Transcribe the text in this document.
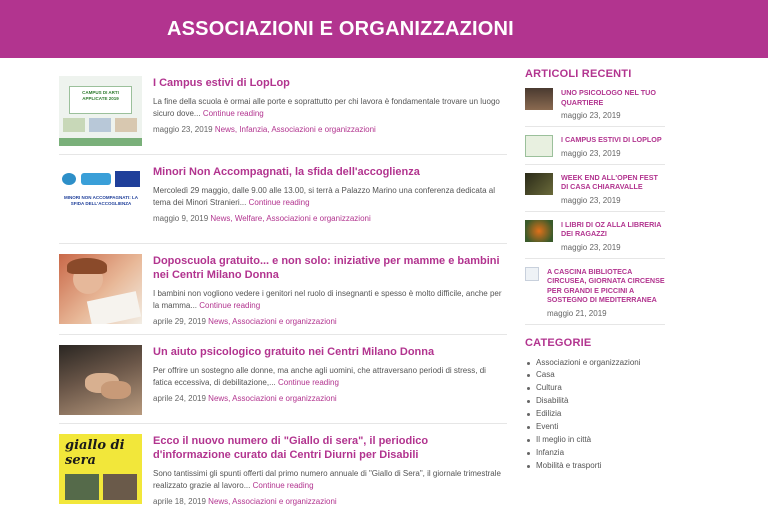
ASSOCIAZIONI E ORGANIZZAZIONI
CAMPUS DI ARTI APPLICATE 2019
I Campus estivi di LopLop
La fine della scuola è ormai alle porte e soprattutto per chi lavora è fondamentale trovare un luogo sicuro dove... Continue reading
maggio 23, 2019 News, Infanzia, Associazioni e organizzazioni
MINORI NON ACCOMPAGNATI: LA SFIDA DELL'ACCOGLIENZA
Minori Non Accompagnati, la sfida dell'accoglienza
Mercoledì 29 maggio, dalle 9.00 alle 13.00, si terrà a Palazzo Marino una conferenza dedicata al tema dei Minori Stranieri... Continue reading
maggio 9, 2019 News, Welfare, Associazioni e organizzazioni
Doposcuola gratuito... e non solo: iniziative per mamme e bambini nei Centri Milano Donna
I bambini non vogliono vedere i genitori nel ruolo di insegnanti e spesso è molto difficile, anche per la mamma... Continue reading
aprile 29, 2019 News, Associazioni e organizzazioni
Un aiuto psicologico gratuito nei Centri Milano Donna
Per offrire un sostegno alle donne, ma anche agli uomini, che attraversano periodi di stress, di fatica eccessiva, di debilitazione,... Continue reading
aprile 24, 2019 News, Associazioni e organizzazioni
giallo di sera
Ecco il nuovo numero di "Giallo di sera", il periodico d'informazione curato dai Centri Diurni per Disabili
Sono tantissimi gli spunti offerti dal primo numero annuale di "Giallo di Sera", il giornale trimestrale realizzato grazie al lavoro... Continue reading
aprile 18, 2019 News, Associazioni e organizzazioni
ARTICOLI RECENTI
UNO PSICOLOGO NEL TUO QUARTIERE
maggio 23, 2019
I CAMPUS ESTIVI DI LOPLOP
maggio 23, 2019
WEEK END ALL'OPEN FEST DI CASA CHIARAVALLE
maggio 23, 2019
I LIBRI DI OZ ALLA LIBRERIA DEI RAGAZZI
maggio 23, 2019
A CASCINA BIBLIOTECA CIRCUSEA, GIORNATA CIRCENSE PER GRANDI E PICCINI A SOSTEGNO DI MEDITERRANEA
maggio 21, 2019
CATEGORIE
Associazioni e organizzazioni
Casa
Cultura
Disabilità
Edilizia
Eventi
Il meglio in città
Infanzia
Mobilità e trasporti
